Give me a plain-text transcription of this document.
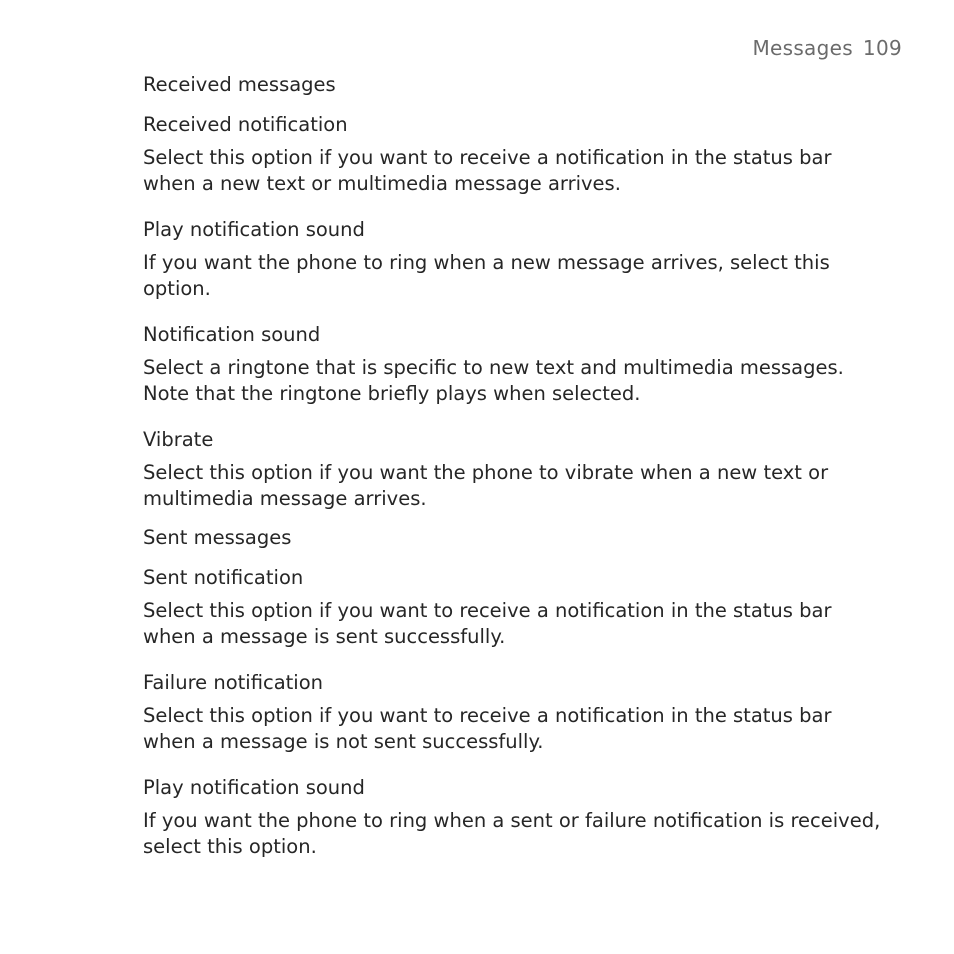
Messages 109

Received messages

Received notification

Select this option if you want to receive a notification in the status bar when a new text or multimedia message arrives.

Play notification sound

If you want the phone to ring when a new message arrives, select this option.

Notification sound

Select a ringtone that is specific to new text and multimedia messages. Note that the ringtone briefly plays when selected.

Vibrate

Select this option if you want the phone to vibrate when a new text or multimedia message arrives.

Sent messages

Sent notification

Select this option if you want to receive a notification in the status bar when a message is sent successfully.

Failure notification

Select this option if you want to receive a notification in the status bar when a message is not sent successfully.

Play notification sound

If you want the phone to ring when a sent or failure notification is received, select this option.
